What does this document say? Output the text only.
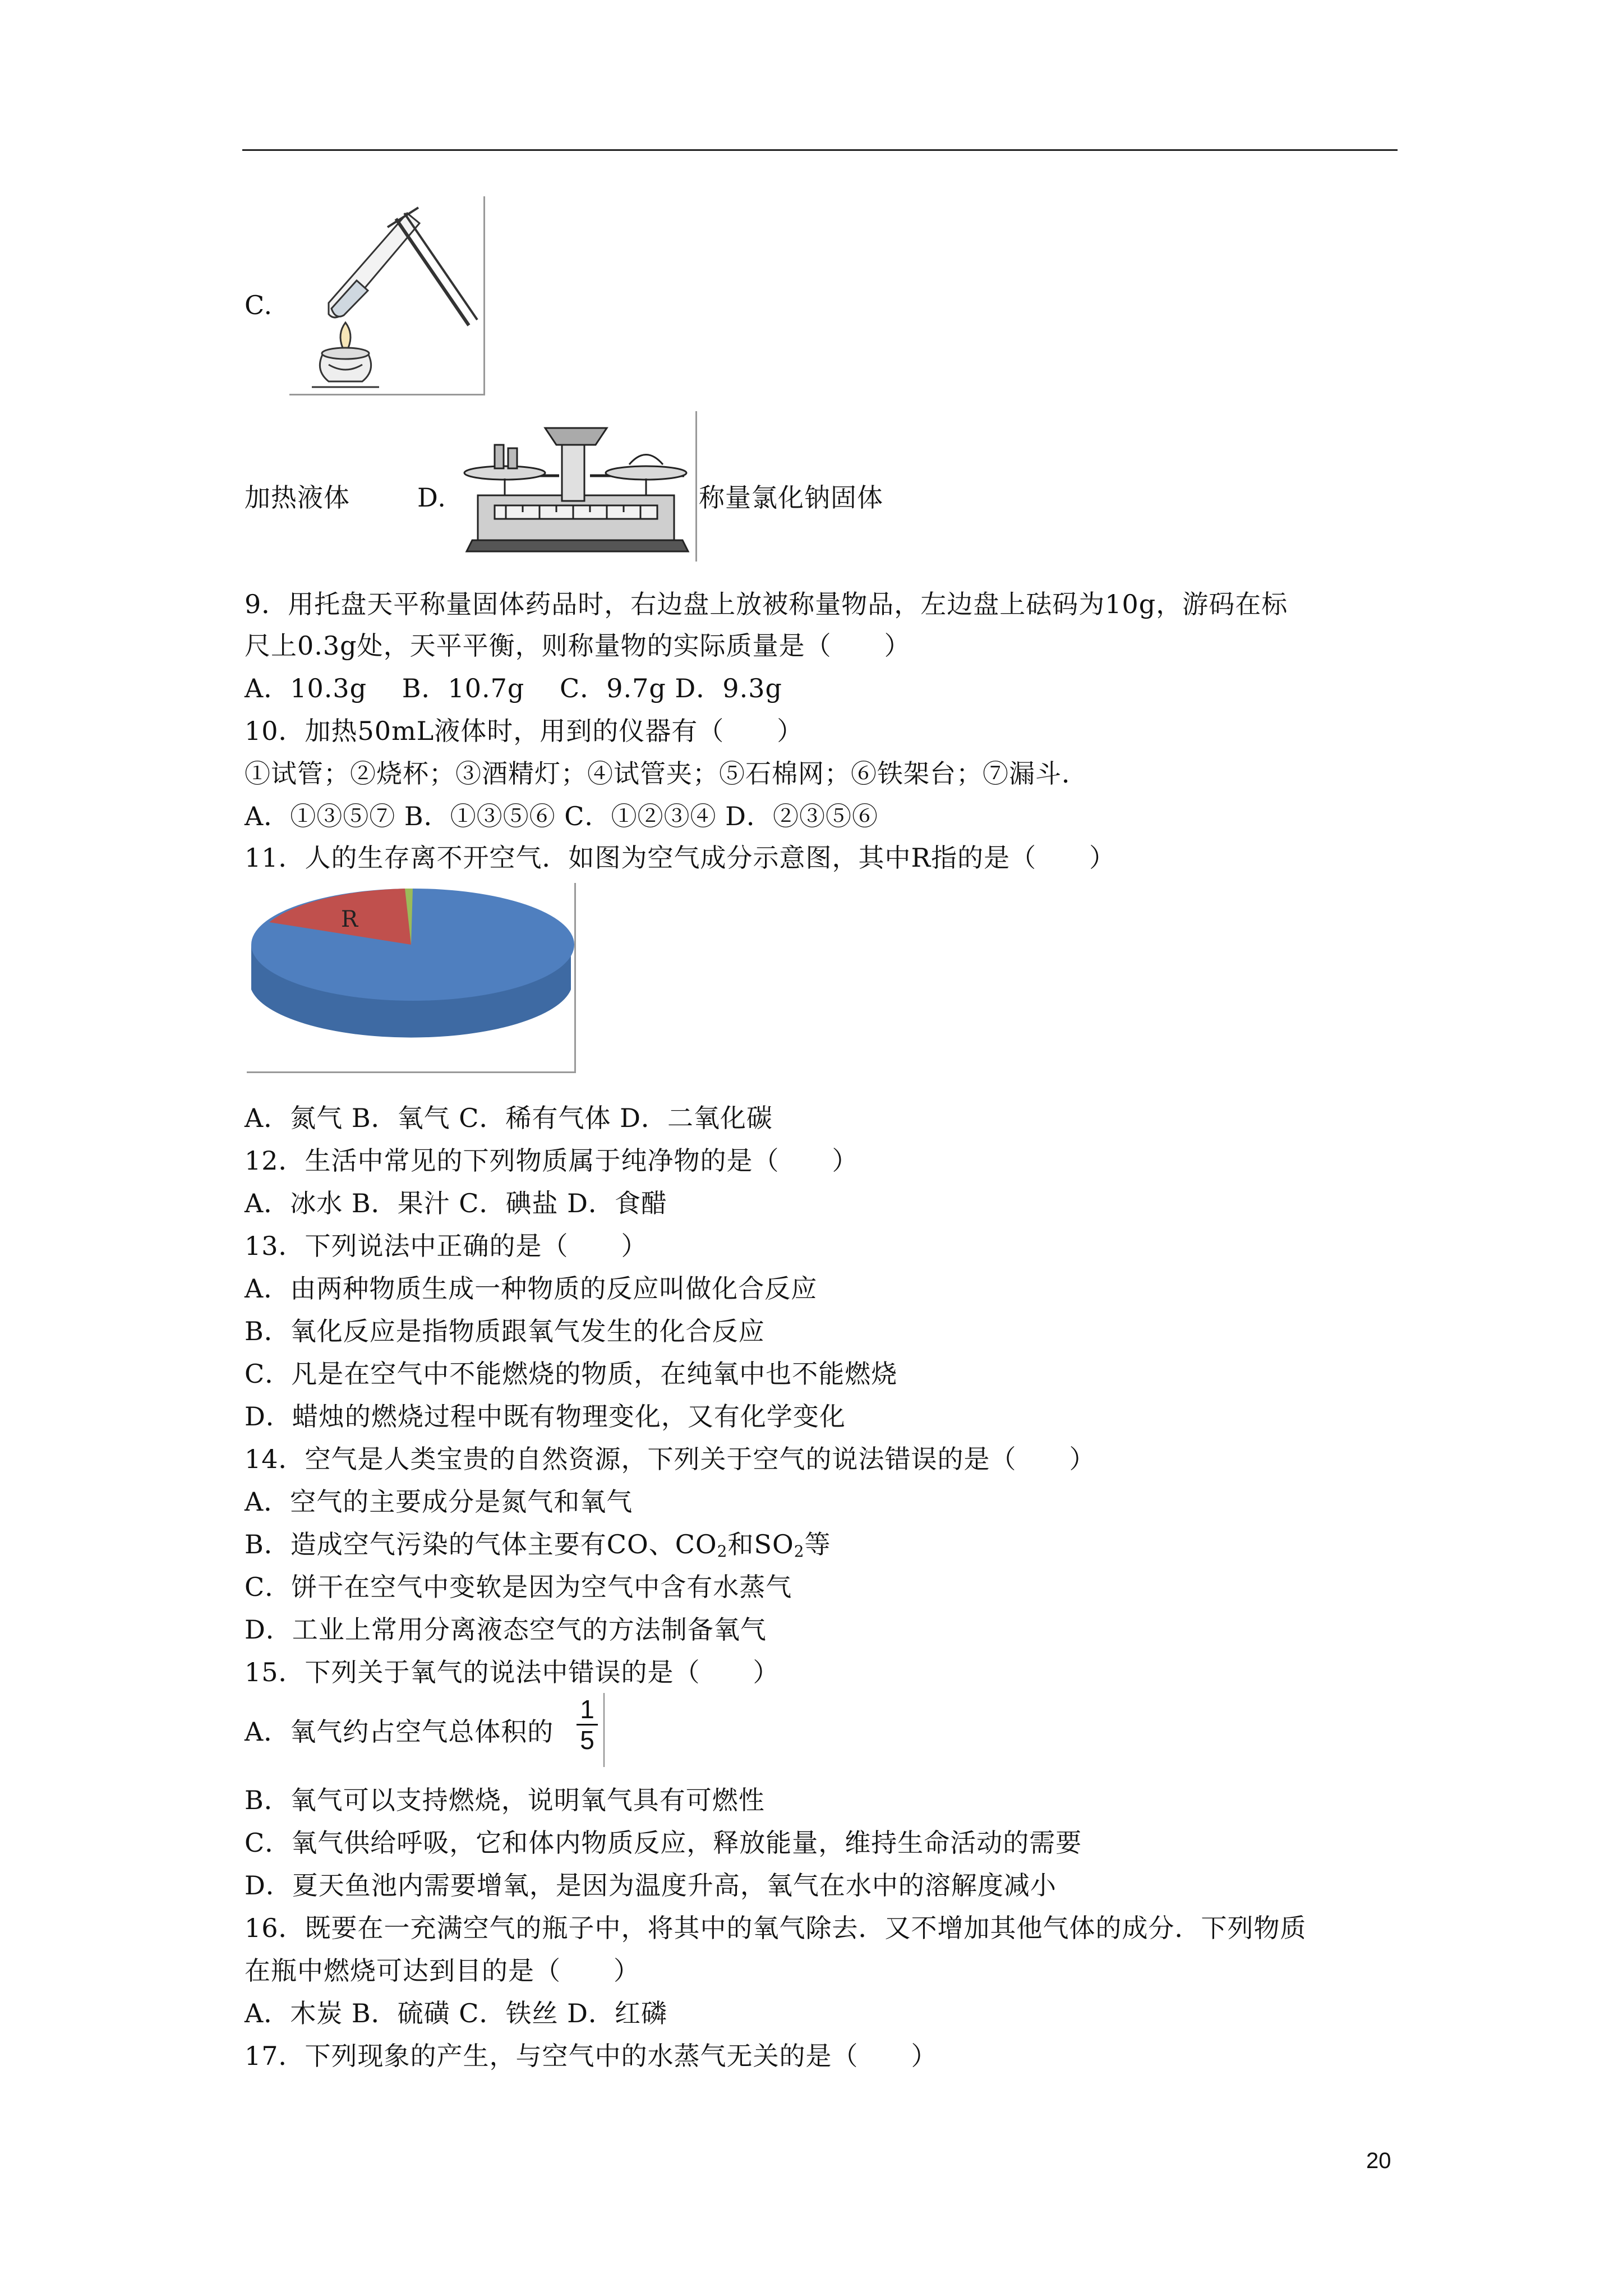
C.
加热液体	D.	称量氯化钠固体
9．用托盘天平称量固体药品时，右边盘上放被称量物品，左边盘上砝码为10g，游码在标
尺上0.3g处，天平平衡，则称量物的实际质量是（　　）
A．10.3g　 B．10.7g　 C．9.7g D．9.3g
10．加热50mL液体时，用到的仪器有（　　）
①试管；②烧杯；③酒精灯；④试管夹；⑤石棉网；⑥铁架台；⑦漏斗．
A．①③⑤⑦ B．①③⑤⑥ C．①②③④ D．②③⑤⑥
11．人的生存离不开空气．如图为空气成分示意图，其中R指的是（　　）
R
A．氮气 B．氧气 C．稀有气体 D．二氧化碳
12．生活中常见的下列物质属于纯净物的是（　　）
A．冰水 B．果汁 C．碘盐 D．食醋
13．下列说法中正确的是（　　）
A．由两种物质生成一种物质的反应叫做化合反应
B．氧化反应是指物质跟氧气发生的化合反应
C．凡是在空气中不能燃烧的物质，在纯氧中也不能燃烧
D．蜡烛的燃烧过程中既有物理变化，又有化学变化
14．空气是人类宝贵的自然资源，下列关于空气的说法错误的是（　　）
A．空气的主要成分是氮气和氧气
B．造成空气污染的气体主要有CO、$CO_2$和$SO_2$等
C．饼干在空气中变软是因为空气中含有水蒸气
D．工业上常用分离液态空气的方法制备氧气
15．下列关于氧气的说法中错误的是（　　）
A．氧气约占空气总体积的
1
5
B．氧气可以支持燃烧，说明氧气具有可燃性
C．氧气供给呼吸，它和体内物质反应，释放能量，维持生命活动的需要
D．夏天鱼池内需要增氧，是因为温度升高，氧气在水中的溶解度减小
16．既要在一充满空气的瓶子中，将其中的氧气除去．又不增加其他气体的成分．下列物质
在瓶中燃烧可达到目的是（　　）
A．木炭 B．硫磺 C．铁丝 D．红磷
17．下列现象的产生，与空气中的水蒸气无关的是（　　）
20
